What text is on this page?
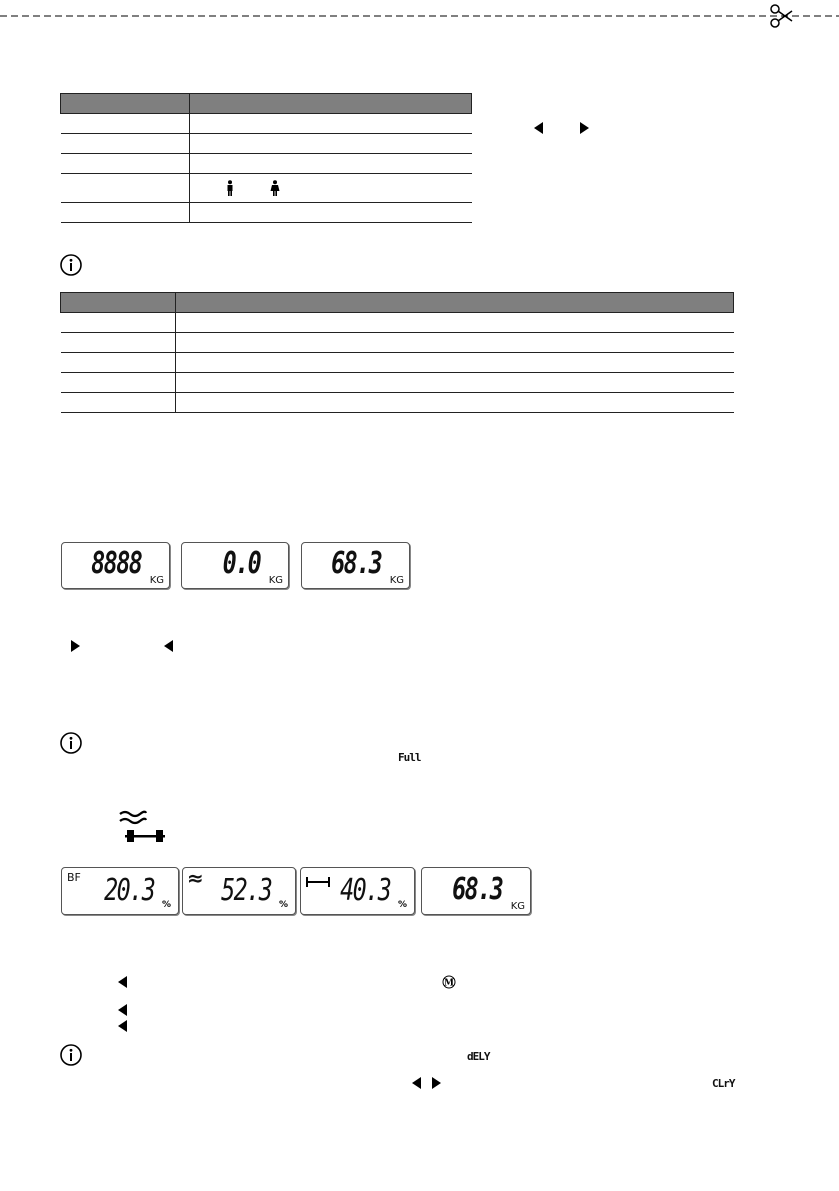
8888 KG 0.0 KG 68.3 KG
Full
BF 20.3 %
≈ 52.3 % 40.3 % 68.3 KG
M
dELY
CLrY
